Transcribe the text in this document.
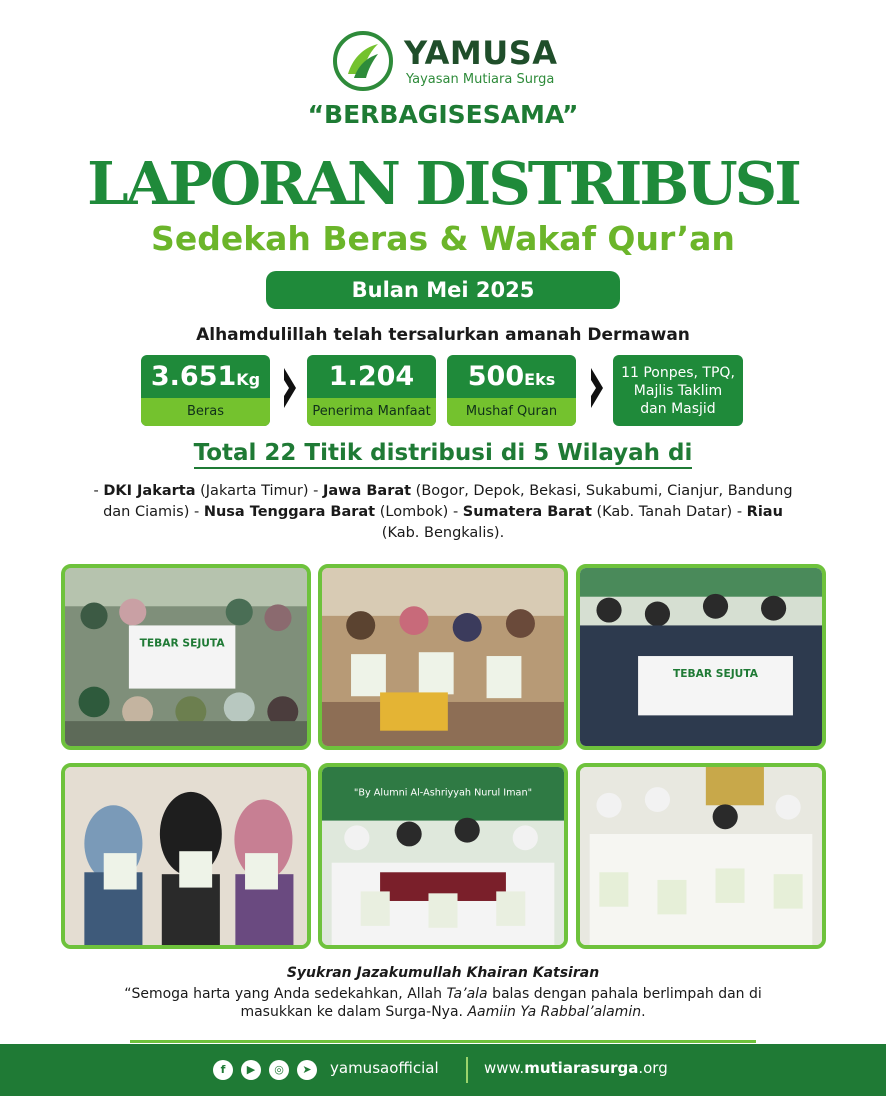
YAMUSA
Yayasan Mutiara Surga
“BERBAGISESAMA”
LAPORAN DISTRIBUSI
Sedekah Beras & Wakaf Qur’an
Bulan Mei 2025
Alhamdulillah telah tersalurkan amanah Dermawan
3.651Kg
Beras
1.204
Penerima Manfaat
500Eks
Mushaf Quran
11 Ponpes, TPQ, Majlis Taklim dan Masjid
Total 22 Titik distribusi di 5 Wilayah di
- DKI Jakarta (Jakarta Timur) - Jawa Barat (Bogor, Depok, Bekasi, Sukabumi, Cianjur, Bandung dan Ciamis) - Nusa Tenggara Barat (Lombok) - Sumatera Barat (Kab. Tanah Datar) - Riau (Kab. Bengkalis).
TEBAR SEJUTA
TEBAR SEJUTA
"By Alumni Al-Ashriyyah Nurul Iman"
Syukran Jazakumullah Khairan Katsiran
“Semoga harta yang Anda sedekahkan, Allah Ta’ala balas dengan pahala berlimpah dan di masukkan ke dalam Surga-Nya. Aamiin Ya Rabbal’alamin.
f	▶	◎	➤	yamusaofficial	www.mutiarasurga.org
